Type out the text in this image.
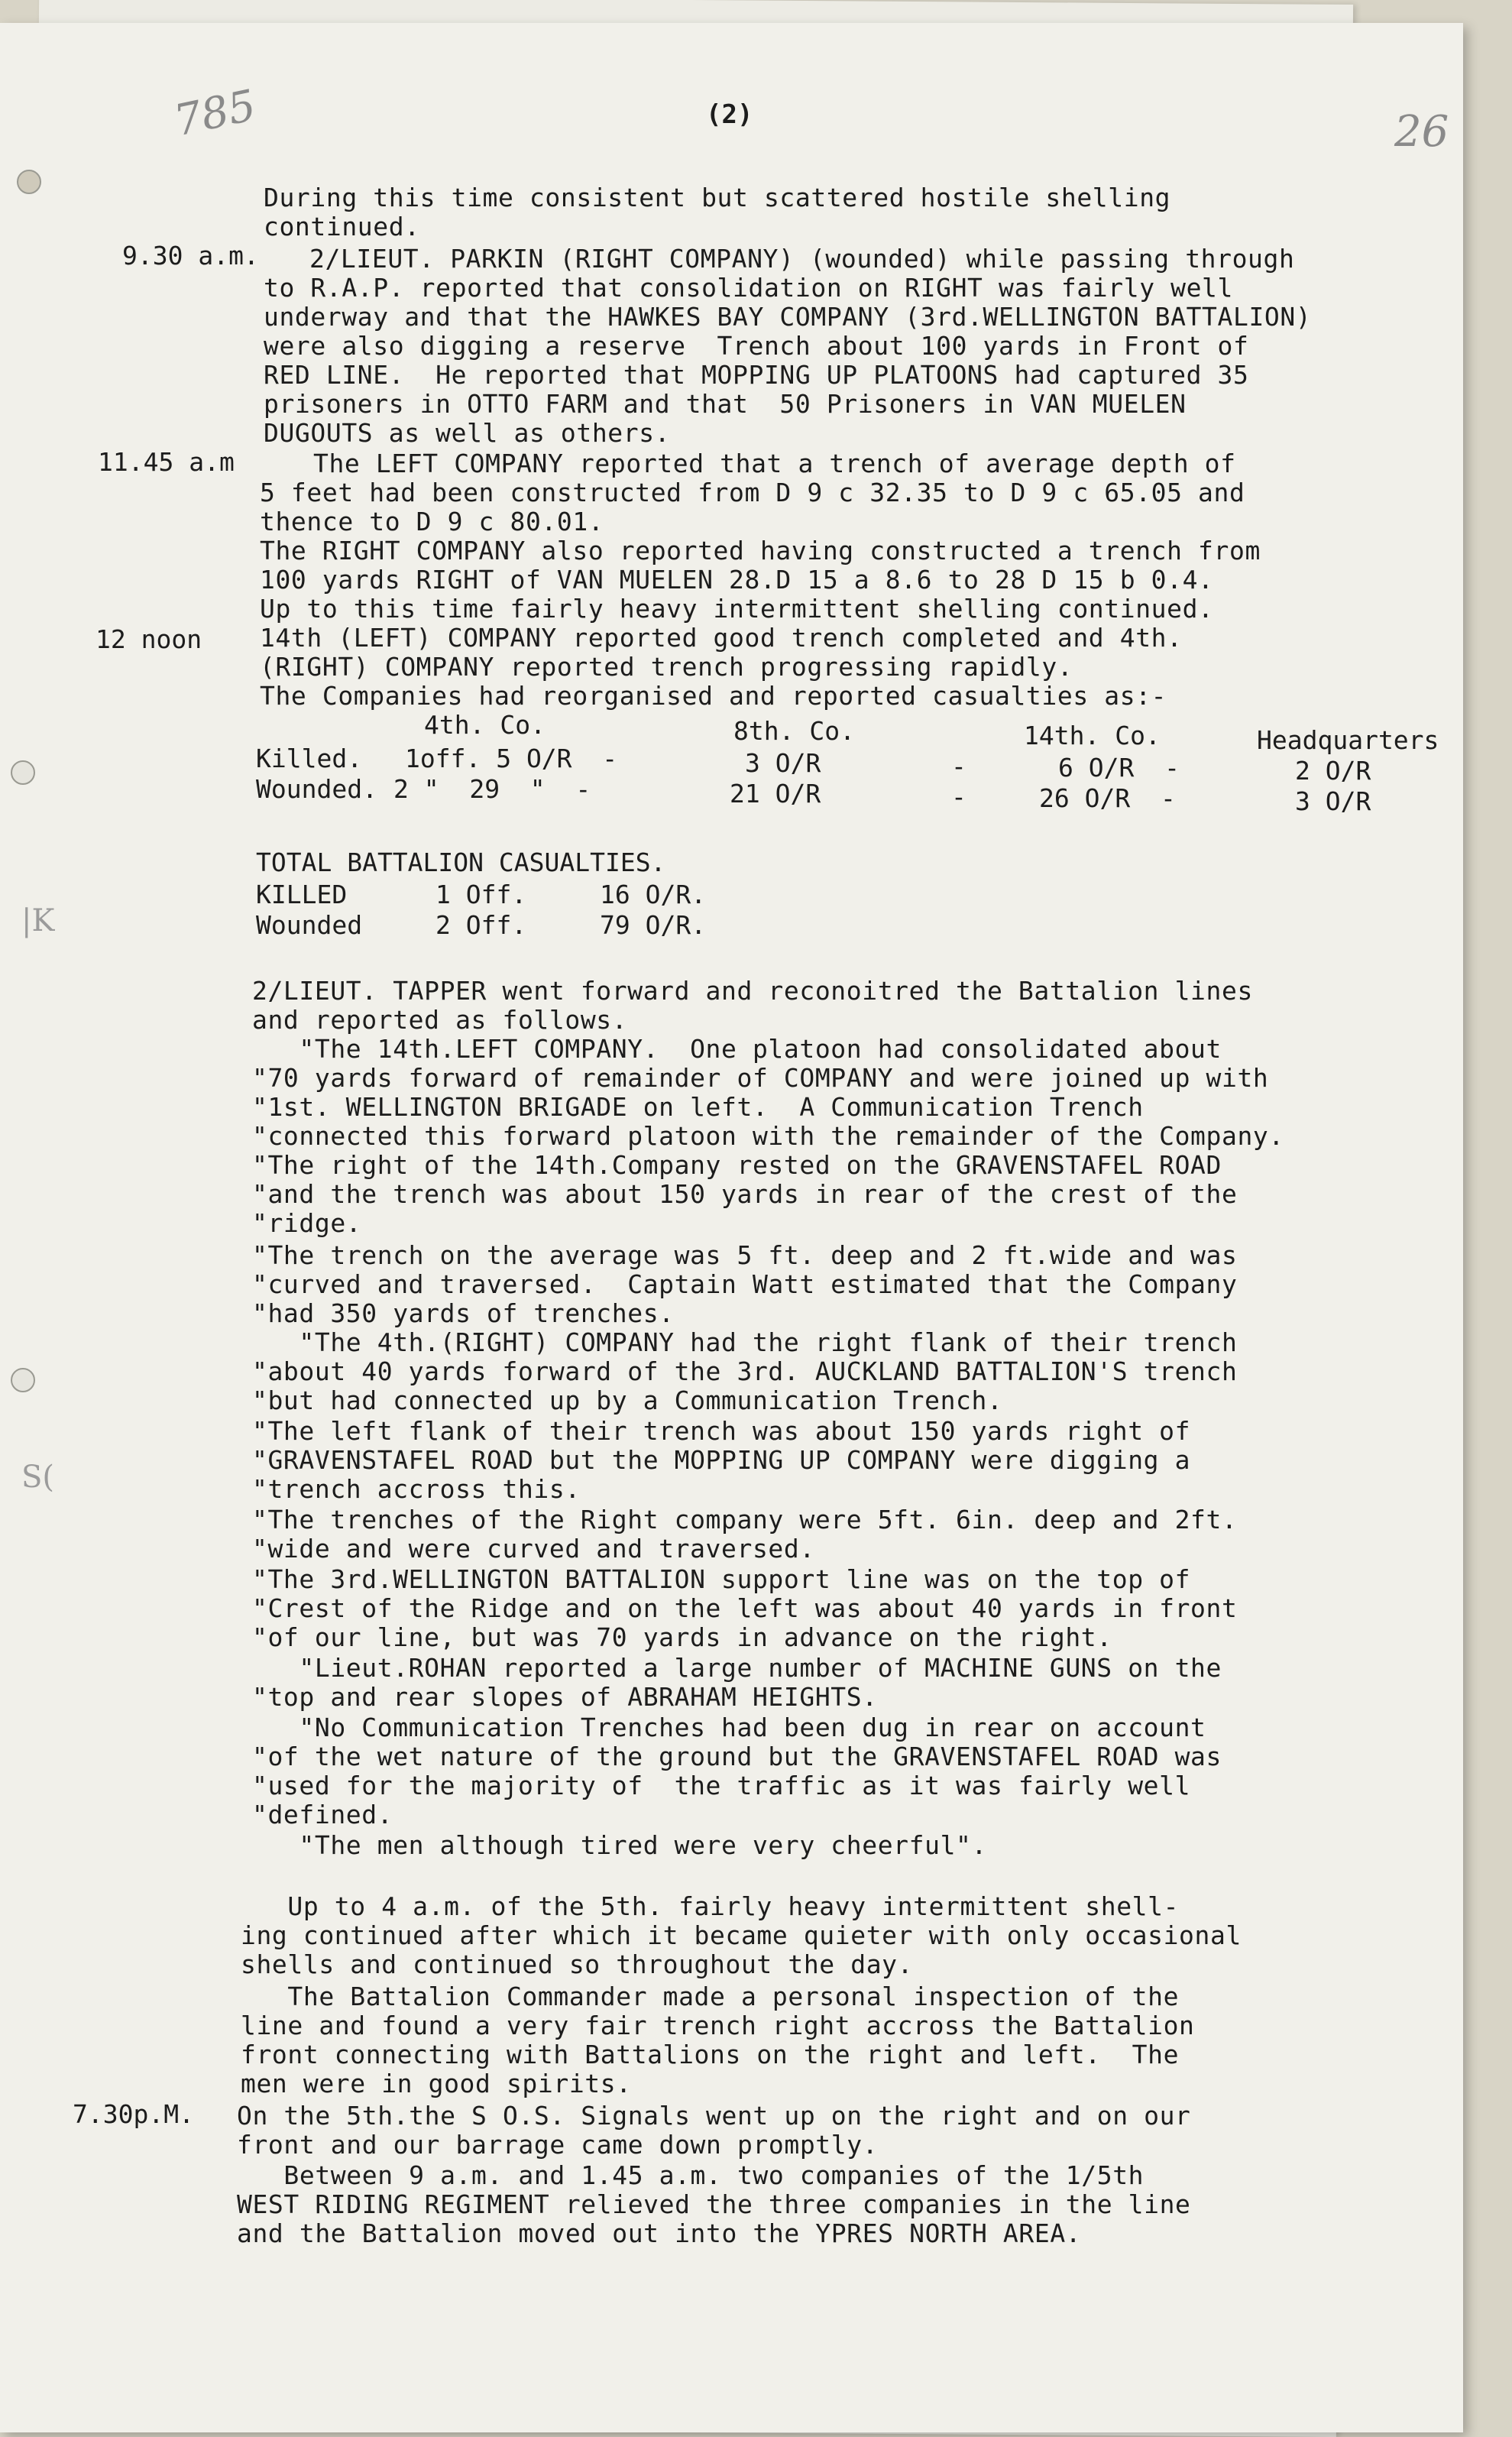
785	26
(2)
|K
S(
During this time consistent but scattered hostile shelling
continued.
9.30 a.m. 2/LIEUT. PARKIN (RIGHT COMPANY) (wounded) while passing through
to R.A.P. reported that consolidation on RIGHT was fairly well
underway and that the HAWKES BAY COMPANY (3rd.WELLINGTON BATTALION)
were also digging a reserve  Trench about 100 yards in Front of
RED LINE.  He reported that MOPPING UP PLATOONS had captured 35
prisoners in OTTO FARM and that  50 Prisoners in VAN MUELEN
DUGOUTS as well as others.
11.45 a.m	The LEFT COMPANY reported that a trench of average depth of
5 feet had been constructed from D 9 c 32.35 to D 9 c 65.05 and
thence to D 9 c 80.01.
The RIGHT COMPANY also reported having constructed a trench from
100 yards RIGHT of VAN MUELEN 28.D 15 a 8.6 to 28 D 15 b 0.4.
Up to this time fairly heavy intermittent shelling continued.
12 noon 14th (LEFT) COMPANY reported good trench completed and 4th.
(RIGHT) COMPANY reported trench progressing rapidly.
The Companies had reorganised and reported casualties as:-
4th. Co.	8th. Co.	14th. Co.	Headquarters
Killed. 1off. 5 O/R  -	3 O/R	-	6 O/R  -	2 O/R
Wounded. 2 "  29  "  -	21 O/R	-	26 O/R  -	3 O/R
TOTAL BATTALION CASUALTIES.
KILLED	1 Off.	16 O/R.
Wounded	2 Off.	79 O/R.
2/LIEUT. TAPPER went forward and reconoitred the Battalion lines
and reported as follows.
"The 14th.LEFT COMPANY.  One platoon had consolidated about
"70 yards forward of remainder of COMPANY and were joined up with
"1st. WELLINGTON BRIGADE on left.  A Communication Trench
"connected this forward platoon with the remainder of the Company.
"The right of the 14th.Company rested on the GRAVENSTAFEL ROAD
"and the trench was about 150 yards in rear of the crest of the
"ridge.
"The trench on the average was 5 ft. deep and 2 ft.wide and was
"curved and traversed.  Captain Watt estimated that the Company
"had 350 yards of trenches.
"The 4th.(RIGHT) COMPANY had the right flank of their trench
"about 40 yards forward of the 3rd. AUCKLAND BATTALION'S trench
"but had connected up by a Communication Trench.
"The left flank of their trench was about 150 yards right of
"GRAVENSTAFEL ROAD but the MOPPING UP COMPANY were digging a
"trench accross this.
"The trenches of the Right company were 5ft. 6in. deep and 2ft.
"wide and were curved and traversed.
"The 3rd.WELLINGTON BATTALION support line was on the top of
"Crest of the Ridge and on the left was about 40 yards in front
"of our line, but was 70 yards in advance on the right.
"Lieut.ROHAN reported a large number of MACHINE GUNS on the
"top and rear slopes of ABRAHAM HEIGHTS.
"No Communication Trenches had been dug in rear on account
"of the wet nature of the ground but the GRAVENSTAFEL ROAD was
"used for the majority of  the traffic as it was fairly well
"defined.
"The men although tired were very cheerful".
Up to 4 a.m. of the 5th. fairly heavy intermittent shell-
ing continued after which it became quieter with only occasional
shells and continued so throughout the day.
The Battalion Commander made a personal inspection of the
line and found a very fair trench right accross the Battalion
front connecting with Battalions on the right and left.  The
men were in good spirits.
7.30p.M. On the 5th.the S O.S. Signals went up on the right and on our
front and our barrage came down promptly.
Between 9 a.m. and 1.45 a.m. two companies of the 1/5th
WEST RIDING REGIMENT relieved the three companies in the line
and the Battalion moved out into the YPRES NORTH AREA.
